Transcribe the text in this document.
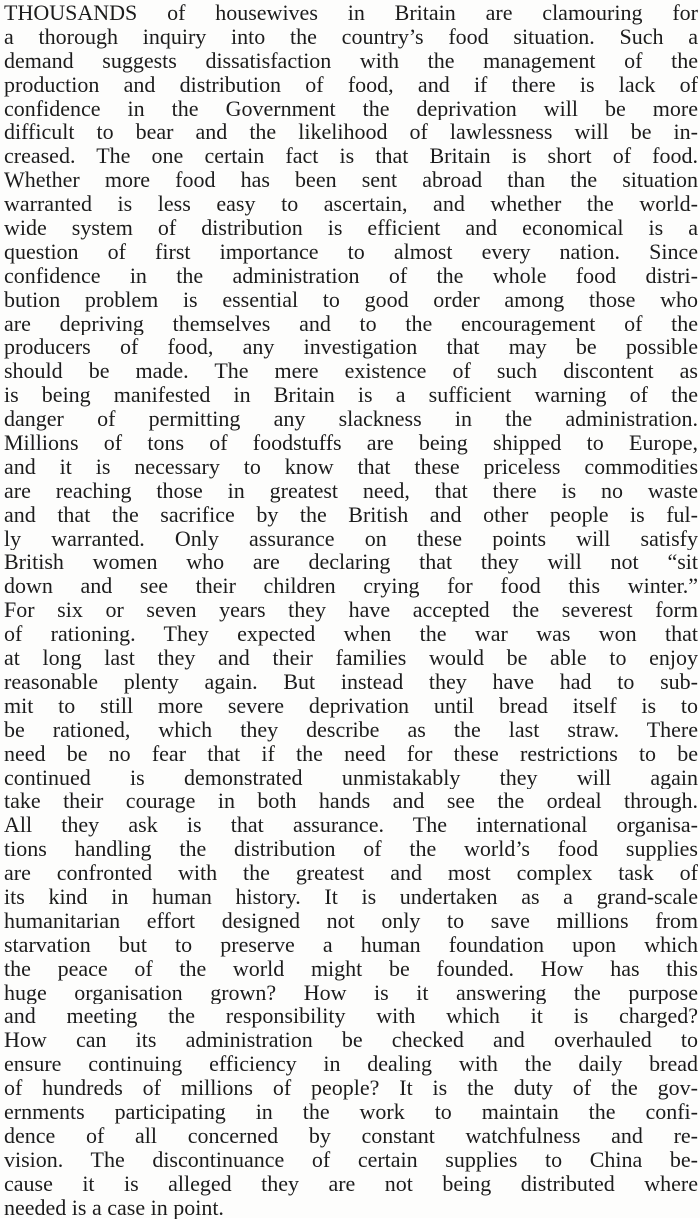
THOUSANDS of housewives in Britain are clamouring for
a thorough inquiry into the country’s food situation. Such a
demand suggests dissatisfaction with the management of the
production and distribution of food, and if there is lack of
confidence in the Government the deprivation will be more
difficult to bear and the likelihood of lawlessness will be in-
creased. The one certain fact is that Britain is short of food.
Whether more food has been sent abroad than the situation
warranted is less easy to ascertain, and whether the world-
wide system of distribution is efficient and economical is a
question of first importance to almost every nation. Since
confidence in the administration of the whole food distri-
bution problem is essential to good order among those who
are depriving themselves and to the encouragement of the
producers of food, any investigation that may be possible
should be made. The mere existence of such discontent as
is being manifested in Britain is a sufficient warning of the
danger of permitting any slackness in the administration.
Millions of tons of foodstuffs are being shipped to Europe,
and it is necessary to know that these priceless commodities
are reaching those in greatest need, that there is no waste
and that the sacrifice by the British and other people is ful-
ly warranted. Only assurance on these points will satisfy
British women who are declaring that they will not “sit
down and see their children crying for food this winter.”
For six or seven years they have accepted the severest form
of rationing. They expected when the war was won that
at long last they and their families would be able to enjoy
reasonable plenty again. But instead they have had to sub-
mit to still more severe deprivation until bread itself is to
be rationed, which they describe as the last straw. There
need be no fear that if the need for these restrictions to be
continued is demonstrated unmistakably they will again
take their courage in both hands and see the ordeal through.
All they ask is that assurance. The international organisa-
tions handling the distribution of the world’s food supplies
are confronted with the greatest and most complex task of
its kind in human history. It is undertaken as a grand-scale
humanitarian effort designed not only to save millions from
starvation but to preserve a human foundation upon which
the peace of the world might be founded. How has this
huge organisation grown? How is it answering the purpose
and meeting the responsibility with which it is charged?
How can its administration be checked and overhauled to
ensure continuing efficiency in dealing with the daily bread
of hundreds of millions of people? It is the duty of the gov-
ernments participating in the work to maintain the confi-
dence of all concerned by constant watchfulness and re-
vision. The discontinuance of certain supplies to China be-
cause it is alleged they are not being distributed where
needed is a case in point.
